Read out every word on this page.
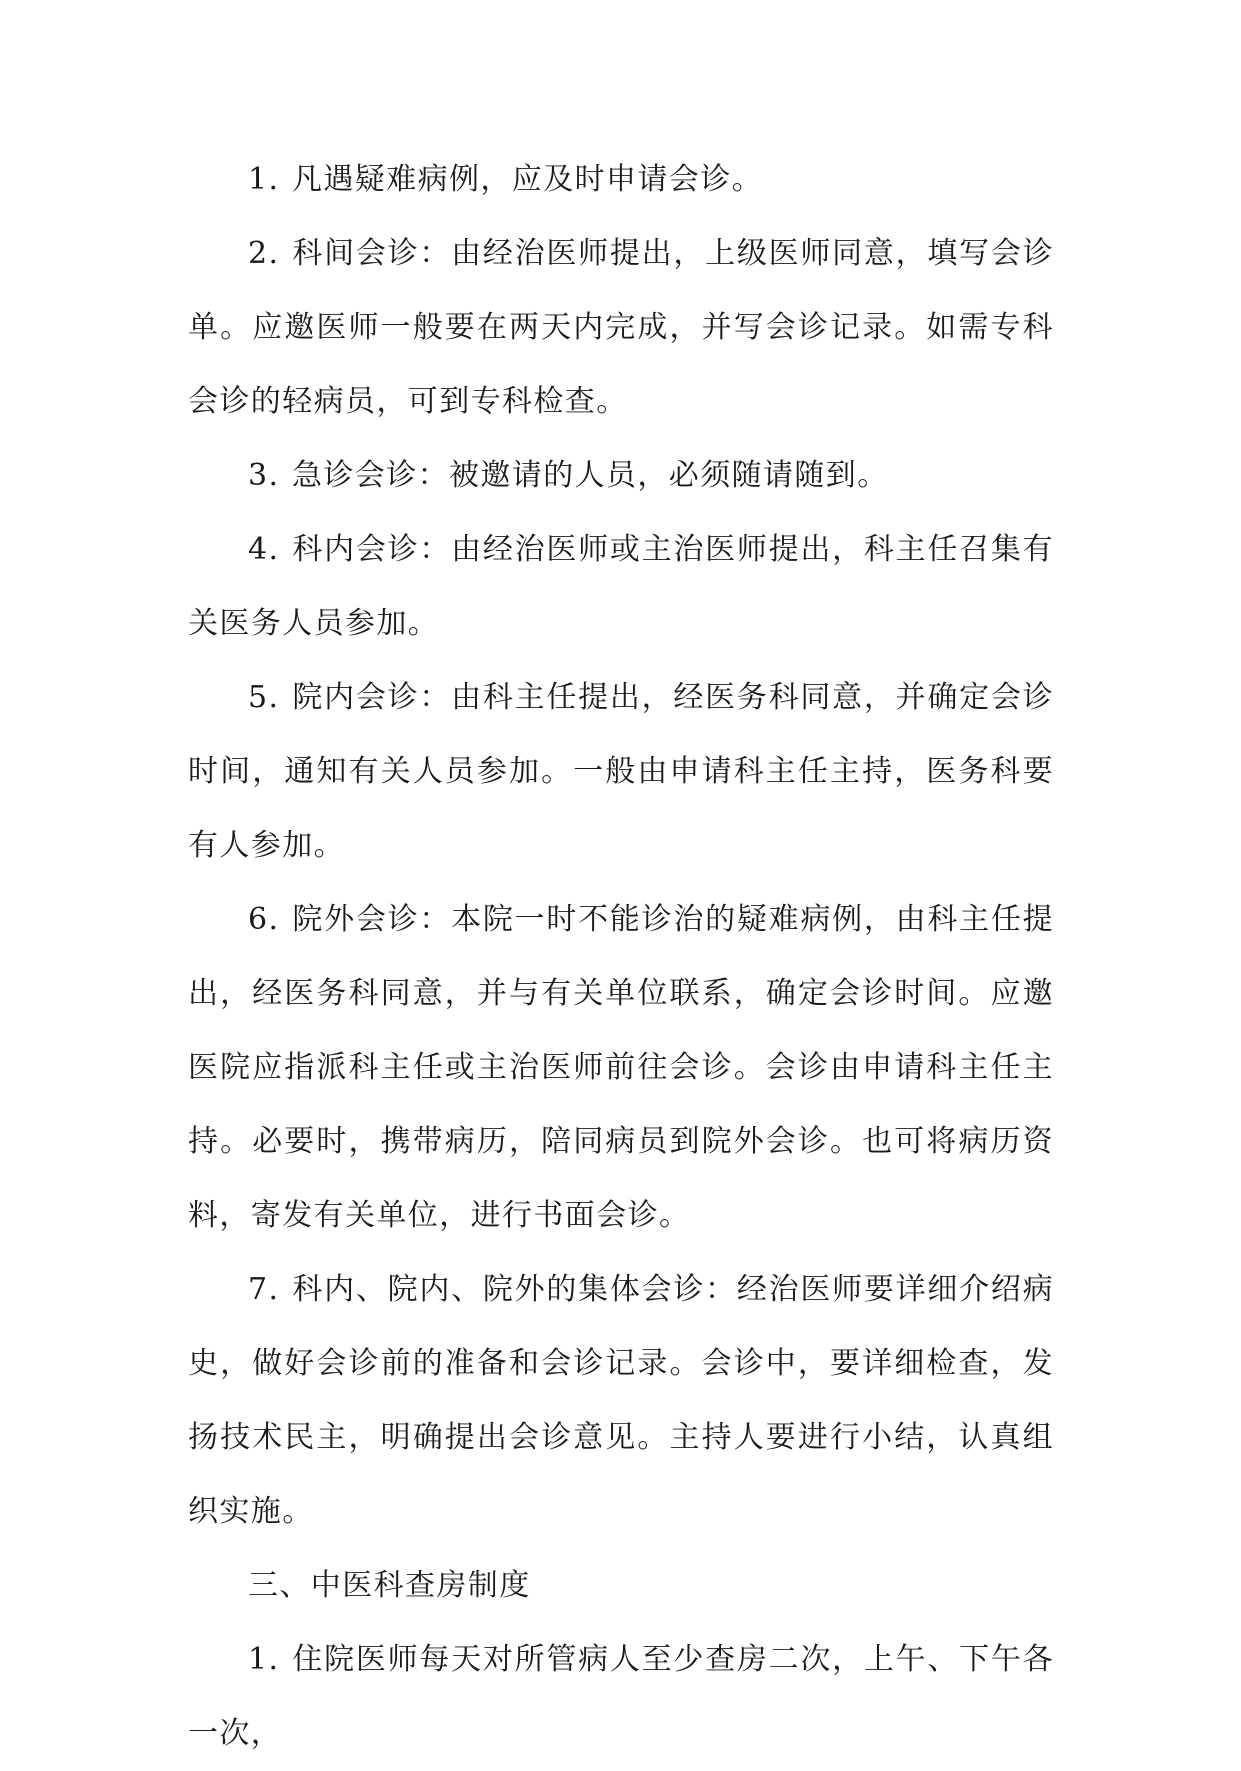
1. 凡遇疑难病例，应及时申请会诊。

2. 科间会诊：由经治医师提出，上级医师同意，填写会诊单。应邀医师一般要在两天内完成，并写会诊记录。如需专科会诊的轻病员，可到专科检查。

3. 急诊会诊：被邀请的人员，必须随请随到。

4. 科内会诊：由经治医师或主治医师提出，科主任召集有关医务人员参加。

5. 院内会诊：由科主任提出，经医务科同意，并确定会诊时间，通知有关人员参加。一般由申请科主任主持，医务科要有人参加。

6. 院外会诊：本院一时不能诊治的疑难病例，由科主任提出，经医务科同意，并与有关单位联系，确定会诊时间。应邀医院应指派科主任或主治医师前往会诊。会诊由申请科主任主持。必要时，携带病历，陪同病员到院外会诊。也可将病历资料，寄发有关单位，进行书面会诊。

7. 科内、院内、院外的集体会诊：经治医师要详细介绍病史，做好会诊前的准备和会诊记录。会诊中，要详细检查，发扬技术民主，明确提出会诊意见。主持人要进行小结，认真组织实施。

三、中医科查房制度

1. 住院医师每天对所管病人至少查房二次，上午、下午各一次，
